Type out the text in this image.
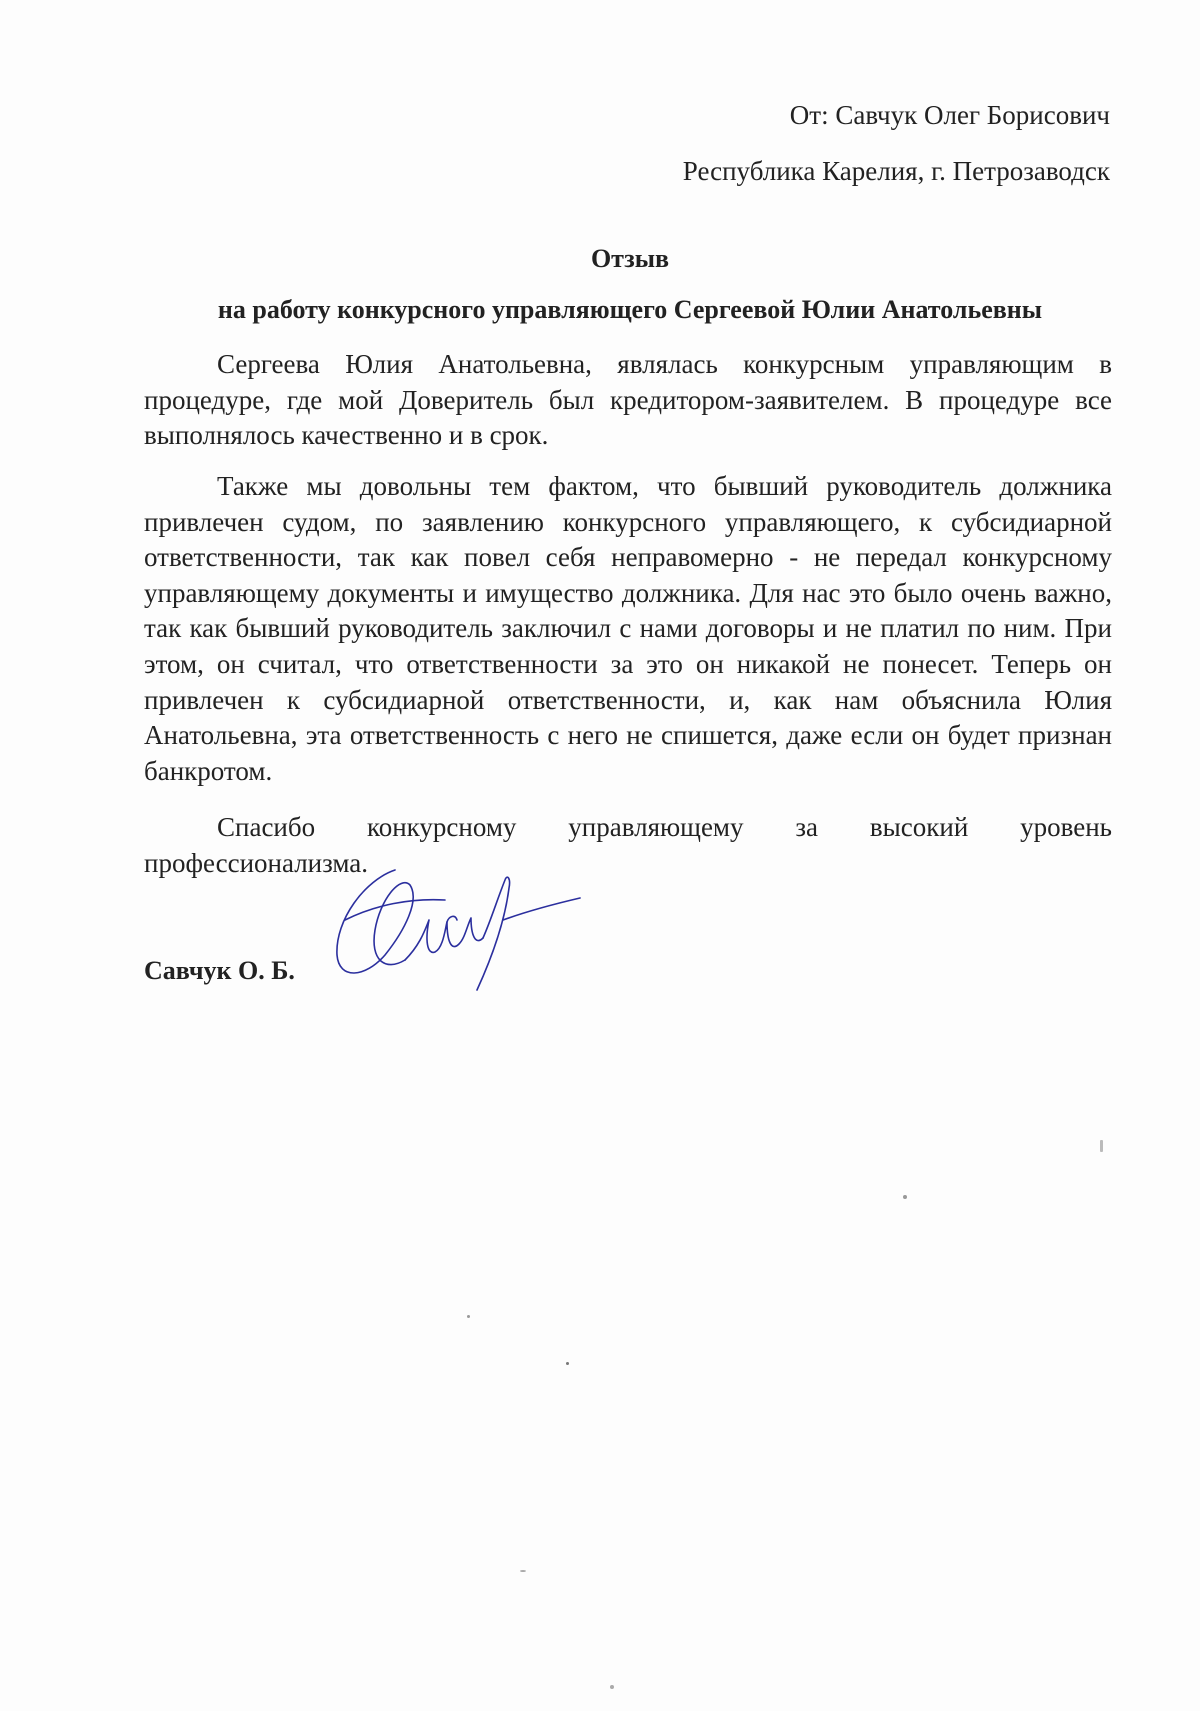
От: Савчук Олег Борисович
Республика Карелия, г. Петрозаводск
Отзыв
на работу конкурсного управляющего Сергеевой Юлии Анатольевны

Сергеева Юлия Анатольевна, являлась конкурсным управляющим в процедуре, где мой Доверитель был кредитором-заявителем. В процедуре все выполнялось качественно и в срок.

Также мы довольны тем фактом, что бывший руководитель должника привлечен судом, по заявлению конкурсного управляющего, к субсидиарной ответственности, так как повел себя неправомерно - не передал конкурсному управляющему документы и имущество должника. Для нас это было очень важно, так как бывший руководитель заключил с нами договоры и не платил по ним. При этом, он считал, что ответственности за это он никакой не понесет. Теперь он привлечен к субсидиарной ответственности, и, как нам объяснила Юлия Анатольевна, эта ответственность с него не спишется, даже если он будет признан банкротом.

Спасибо конкурсному управляющему за высокий уровень профессионализма.

Савчук О. Б.
